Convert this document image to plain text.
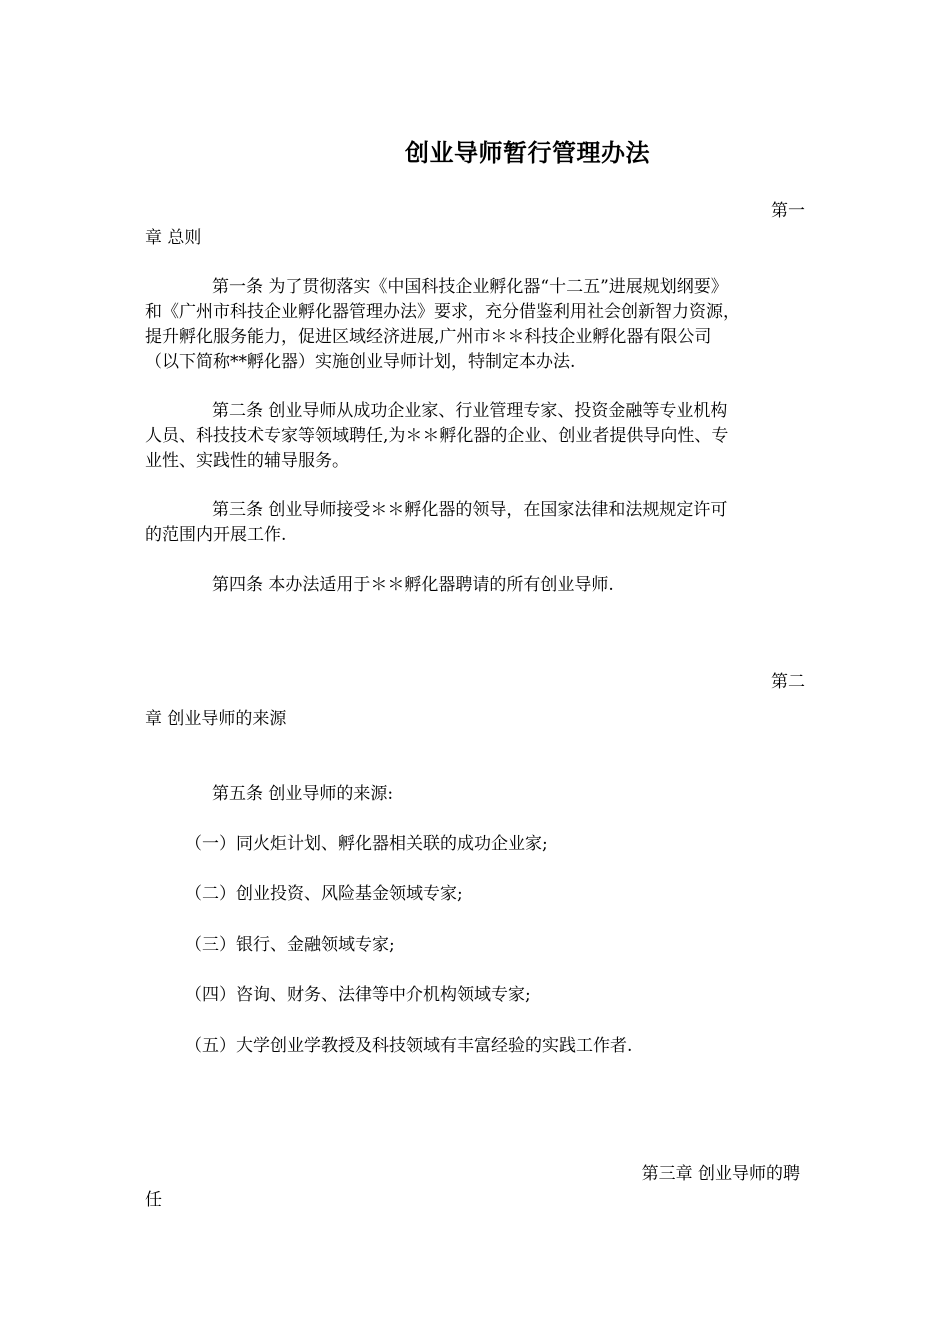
创业导师暂行管理办法
第一
章 总则
第一条 为了贯彻落实《中国科技企业孵化器“十二五”进展规划纲要》
和《广州市科技企业孵化器管理办法》要求，充分借鉴利用社会创新智力资源，
提升孵化服务能力，促进区域经济进展,广州市＊＊科技企业孵化器有限公司
（以下简称**孵化器）实施创业导师计划，特制定本办法.
第二条 创业导师从成功企业家、行业管理专家、投资金融等专业机构
人员、科技技术专家等领域聘任,为＊＊孵化器的企业、创业者提供导向性、专
业性、实践性的辅导服务。
第三条 创业导师接受＊＊孵化器的领导，在国家法律和法规规定许可
的范围内开展工作.
第四条 本办法适用于＊＊孵化器聘请的所有创业导师.
第二
章 创业导师的来源
第五条 创业导师的来源:
（一）同火炬计划、孵化器相关联的成功企业家;
（二）创业投资、风险基金领域专家;
（三）银行、金融领域专家;
（四）咨询、财务、法律等中介机构领域专家;
（五）大学创业学教授及科技领域有丰富经验的实践工作者.
第三章 创业导师的聘
任
